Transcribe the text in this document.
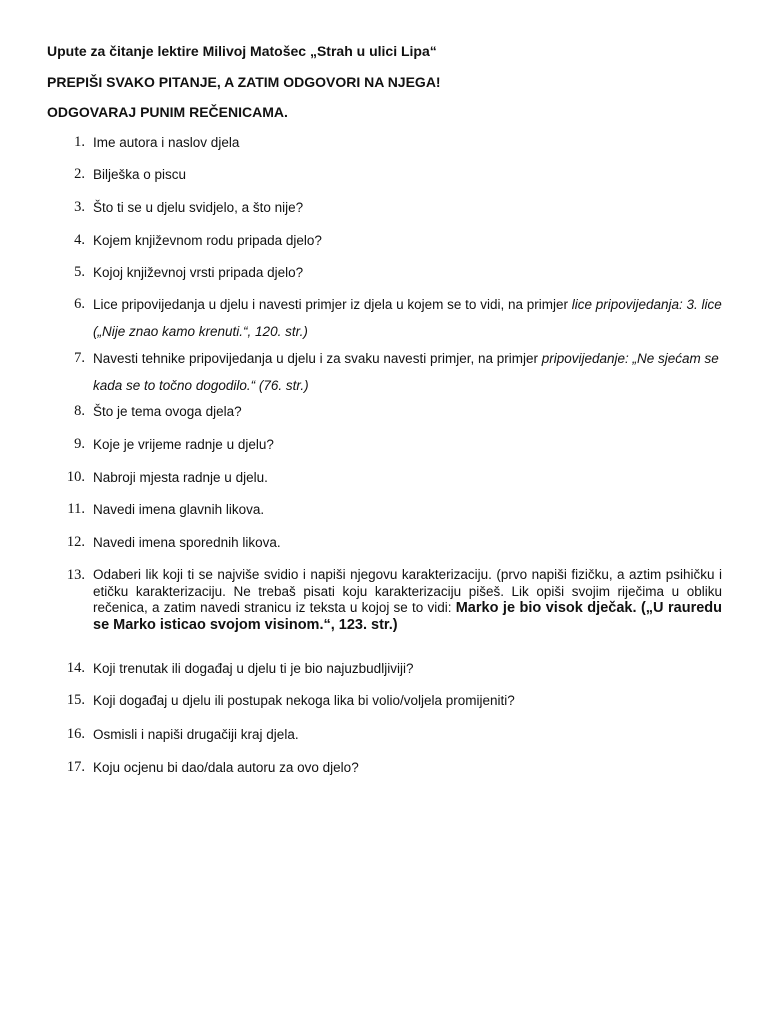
Upute za čitanje lektire Milivoj Matošec „Strah u ulici Lipa“
PREPIŠI SVAKO PITANJE, A ZATIM ODGOVORI NA NJEGA!
ODGOVARAJ PUNIM REČENICAMA.
1. Ime autora i naslov djela
2. Bilješka o piscu
3. Što ti se u djelu svidjelo, a što nije?
4. Kojem književnom rodu pripada djelo?
5. Kojoj književnoj vrsti pripada djelo?
6. Lice pripovijedanja u djelu i navesti primjer iz djela u kojem se to vidi, na primjer lice pripovijedanja: 3. lice („Nije znao kamo krenuti.“, 120. str.)
7. Navesti tehnike pripovijedanja u djelu i za svaku navesti primjer, na primjer pripovijedanje: „Ne sjećam se kada se to točno dogodilo.“ (76. str.)
8. Što je tema ovoga djela?
9. Koje je vrijeme radnje u djelu?
10. Nabroji mjesta radnje u djelu.
11. Navedi imena glavnih likova.
12. Navedi imena sporednih likova.
13. Odaberi lik koji ti se najviše svidio i napiši njegovu karakterizaciju. (prvo napiši fizičku, a aztim psihičku i etičku karakterizaciju. Ne trebaš pisati koju karakterizaciju pišeš. Lik opiši svojim riječima u obliku rečenica, a zatim navedi stranicu iz teksta u kojoj se to vidi: Marko je bio visok dječak. („U rauredu se Marko isticao svojom visinom.“, 123. str.)
14. Koji trenutak ili događaj u djelu ti je bio najuzbudljiviji?
15. Koji događaj u djelu ili postupak nekoga lika bi volio/voljela promijeniti?
16. Osmisli i napiši drugačiji kraj djela.
17. Koju ocjenu bi dao/dala autoru za ovo djelo?
